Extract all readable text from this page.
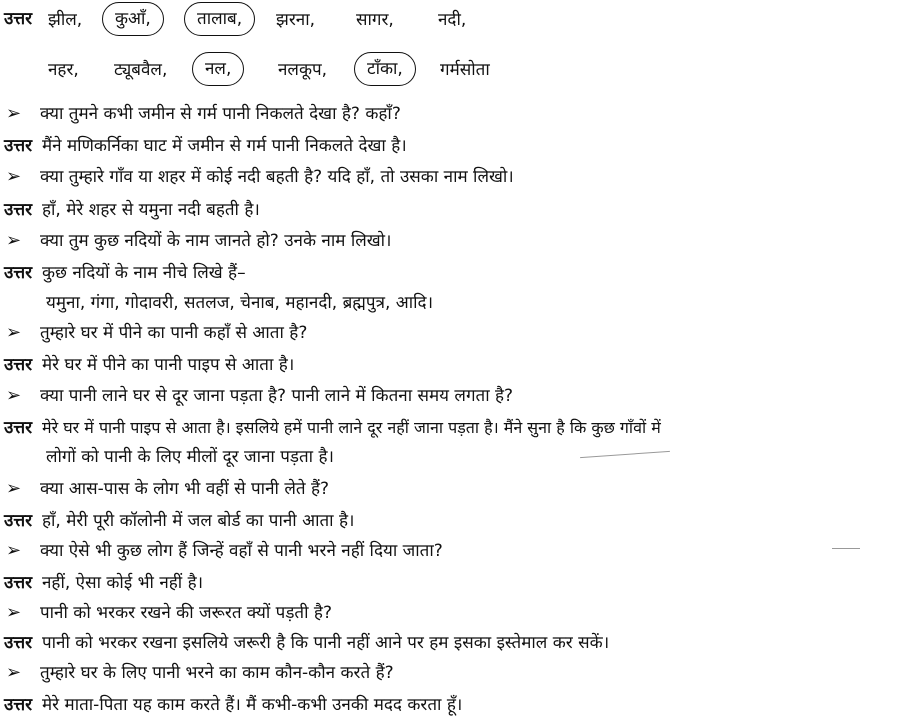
उत्तर झील,	कुआँ,	तालाब,	झरना, सागर,	नदी,
नहर, ट्यूबवैल,	नल,	नलकूप,	टाँका,	गर्मसोता
➢ क्या तुमने कभी जमीन से गर्म पानी निकलते देखा है? कहाँ?
उत्तर मैंने मणिकर्निका घाट में जमीन से गर्म पानी निकलते देखा है।
➢ क्या तुम्हारे गाँव या शहर में कोई नदी बहती है? यदि हाँ, तो उसका नाम लिखो।
उत्तर हाँ, मेरे शहर से यमुना नदी बहती है।
➢ क्या तुम कुछ नदियों के नाम जानते हो? उनके नाम लिखो।
उत्तर कुछ नदियों के नाम नीचे लिखे हैं–
यमुना, गंगा, गोदावरी, सतलज, चेनाब, महानदी, ब्रह्मपुत्र, आदि।
➢ तुम्हारे घर में पीने का पानी कहाँ से आता है?
उत्तर मेरे घर में पीने का पानी पाइप से आता है।
➢ क्या पानी लाने घर से दूर जाना पड़ता है? पानी लाने में कितना समय लगता है?
उत्तर मेरे घर में पानी पाइप से आता है। इसलिये हमें पानी लाने दूर नहीं जाना पड़ता है। मैंने सुना है कि कुछ गाँवों में
लोगों को पानी के लिए मीलों दूर जाना पड़ता है।
➢ क्या आस-पास के लोग भी वहीं से पानी लेते हैं?
उत्तर हाँ, मेरी पूरी कॉलोनी में जल बोर्ड का पानी आता है।
➢ क्या ऐसे भी कुछ लोग हैं जिन्हें वहाँ से पानी भरने नहीं दिया जाता?
उत्तर नहीं, ऐसा कोई भी नहीं है।
➢ पानी को भरकर रखने की जरूरत क्यों पड़ती है?
उत्तर पानी को भरकर रखना इसलिये जरूरी है कि पानी नहीं आने पर हम इसका इस्तेमाल कर सकें।
➢ तुम्हारे घर के लिए पानी भरने का काम कौन-कौन करते हैं?
उत्तर मेरे माता-पिता यह काम करते हैं। मैं कभी-कभी उनकी मदद करता हूँ।
